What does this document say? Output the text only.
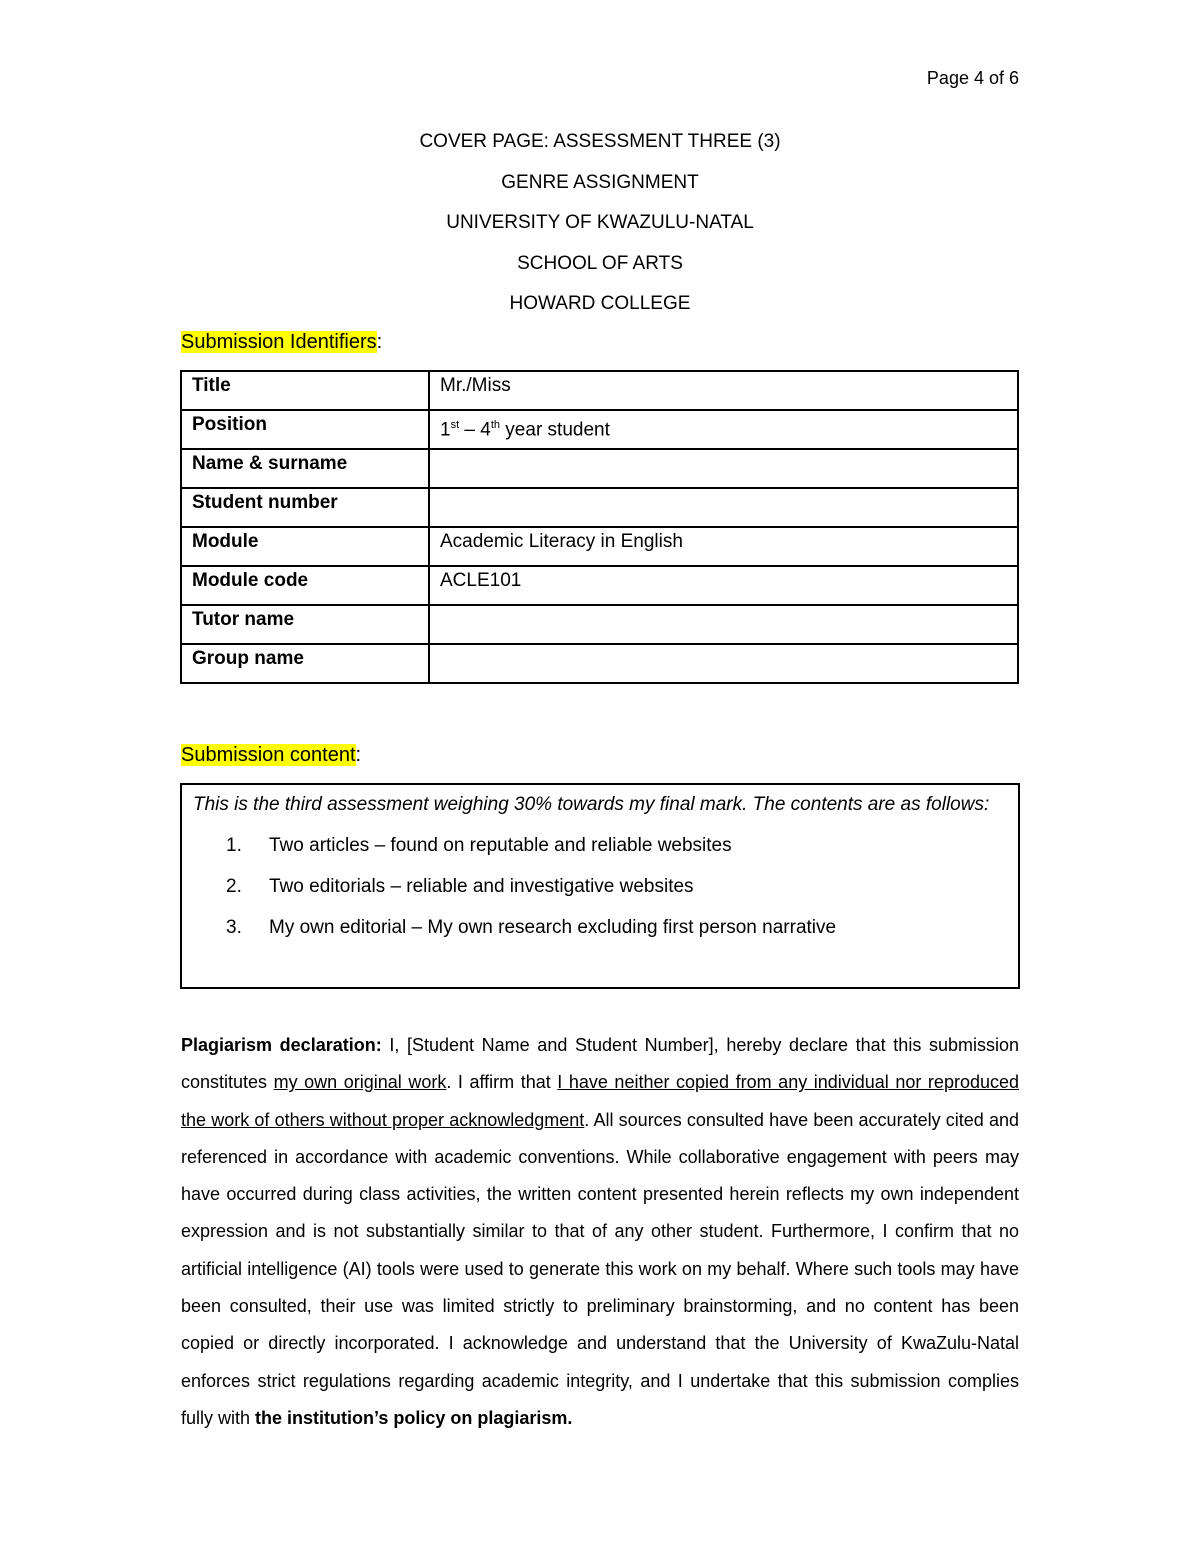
Page 4 of 6
COVER PAGE: ASSESSMENT THREE (3)
GENRE ASSIGNMENT
UNIVERSITY OF KWAZULU-NATAL
SCHOOL OF ARTS
HOWARD COLLEGE
Submission Identifiers:
Title	Mr./Miss
Position	1st – 4th year student
Name & surname	
Student number	
Module	Academic Literacy in English
Module code	ACLE101
Tutor name	
Group name	
Submission content:
This is the third assessment weighing 30% towards my final mark. The contents are as follows:
1.	Two articles – found on reputable and reliable websites
2.	Two editorials – reliable and investigative websites
3.	My own editorial – My own research excluding first person narrative
Plagiarism declaration: I, [Student Name and Student Number], hereby declare that this submission constitutes my own original work. I affirm that I have neither copied from any individual nor reproduced the work of others without proper acknowledgment. All sources consulted have been accurately cited and referenced in accordance with academic conventions. While collaborative engagement with peers may have occurred during class activities, the written content presented herein reflects my own independent expression and is not substantially similar to that of any other student. Furthermore, I confirm that no artificial intelligence (AI) tools were used to generate this work on my behalf. Where such tools may have been consulted, their use was limited strictly to preliminary brainstorming, and no content has been copied or directly incorporated. I acknowledge and understand that the University of KwaZulu-Natal enforces strict regulations regarding academic integrity, and I undertake that this submission complies fully with the institution’s policy on plagiarism.
